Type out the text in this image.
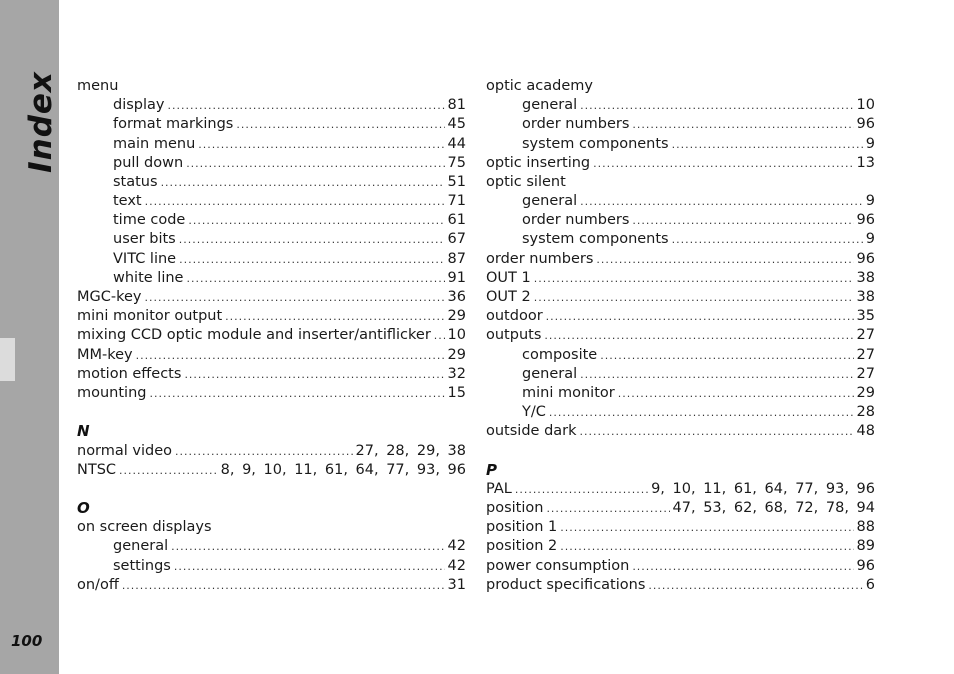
Index
100
menu
display .....	81
format markings .....	45
main menu .....	44
pull down .....	75
status .....	51
text .....	71
time code .....	61
user bits .....	67
VITC line .....	87
white line .....	91
MGC-key .....	36
mini monitor output .....	29
mixing CCD optic module and inserter/antiflicker ..... 10
MM-key .....	29
motion effects .....	32
mounting .....	15
N
normal video .....	27, 28, 29, 38
NTSC .....	8, 9, 10, 11, 61, 64, 77, 93, 96
O
on screen displays
general .....	42
settings .....	42
on/off .....	31
optic academy
general .....	10
order numbers .....	96
system components .....	9
optic inserting .....	13
optic silent
general .....	9
order numbers .....	96
system components .....	9
order numbers .....	96
OUT 1 .....	38
OUT 2 .....	38
outdoor .....	35
outputs .....	27
composite .....	27
general .....	27
mini monitor .....	29
Y/C .....	28
outside dark .....	48
P
PAL .....	9, 10, 11, 61, 64, 77, 93, 96
position .....	47, 53, 62, 68, 72, 78, 94
position 1 .....	88
position 2 .....	89
power consumption .....	96
product specifications .....	6
